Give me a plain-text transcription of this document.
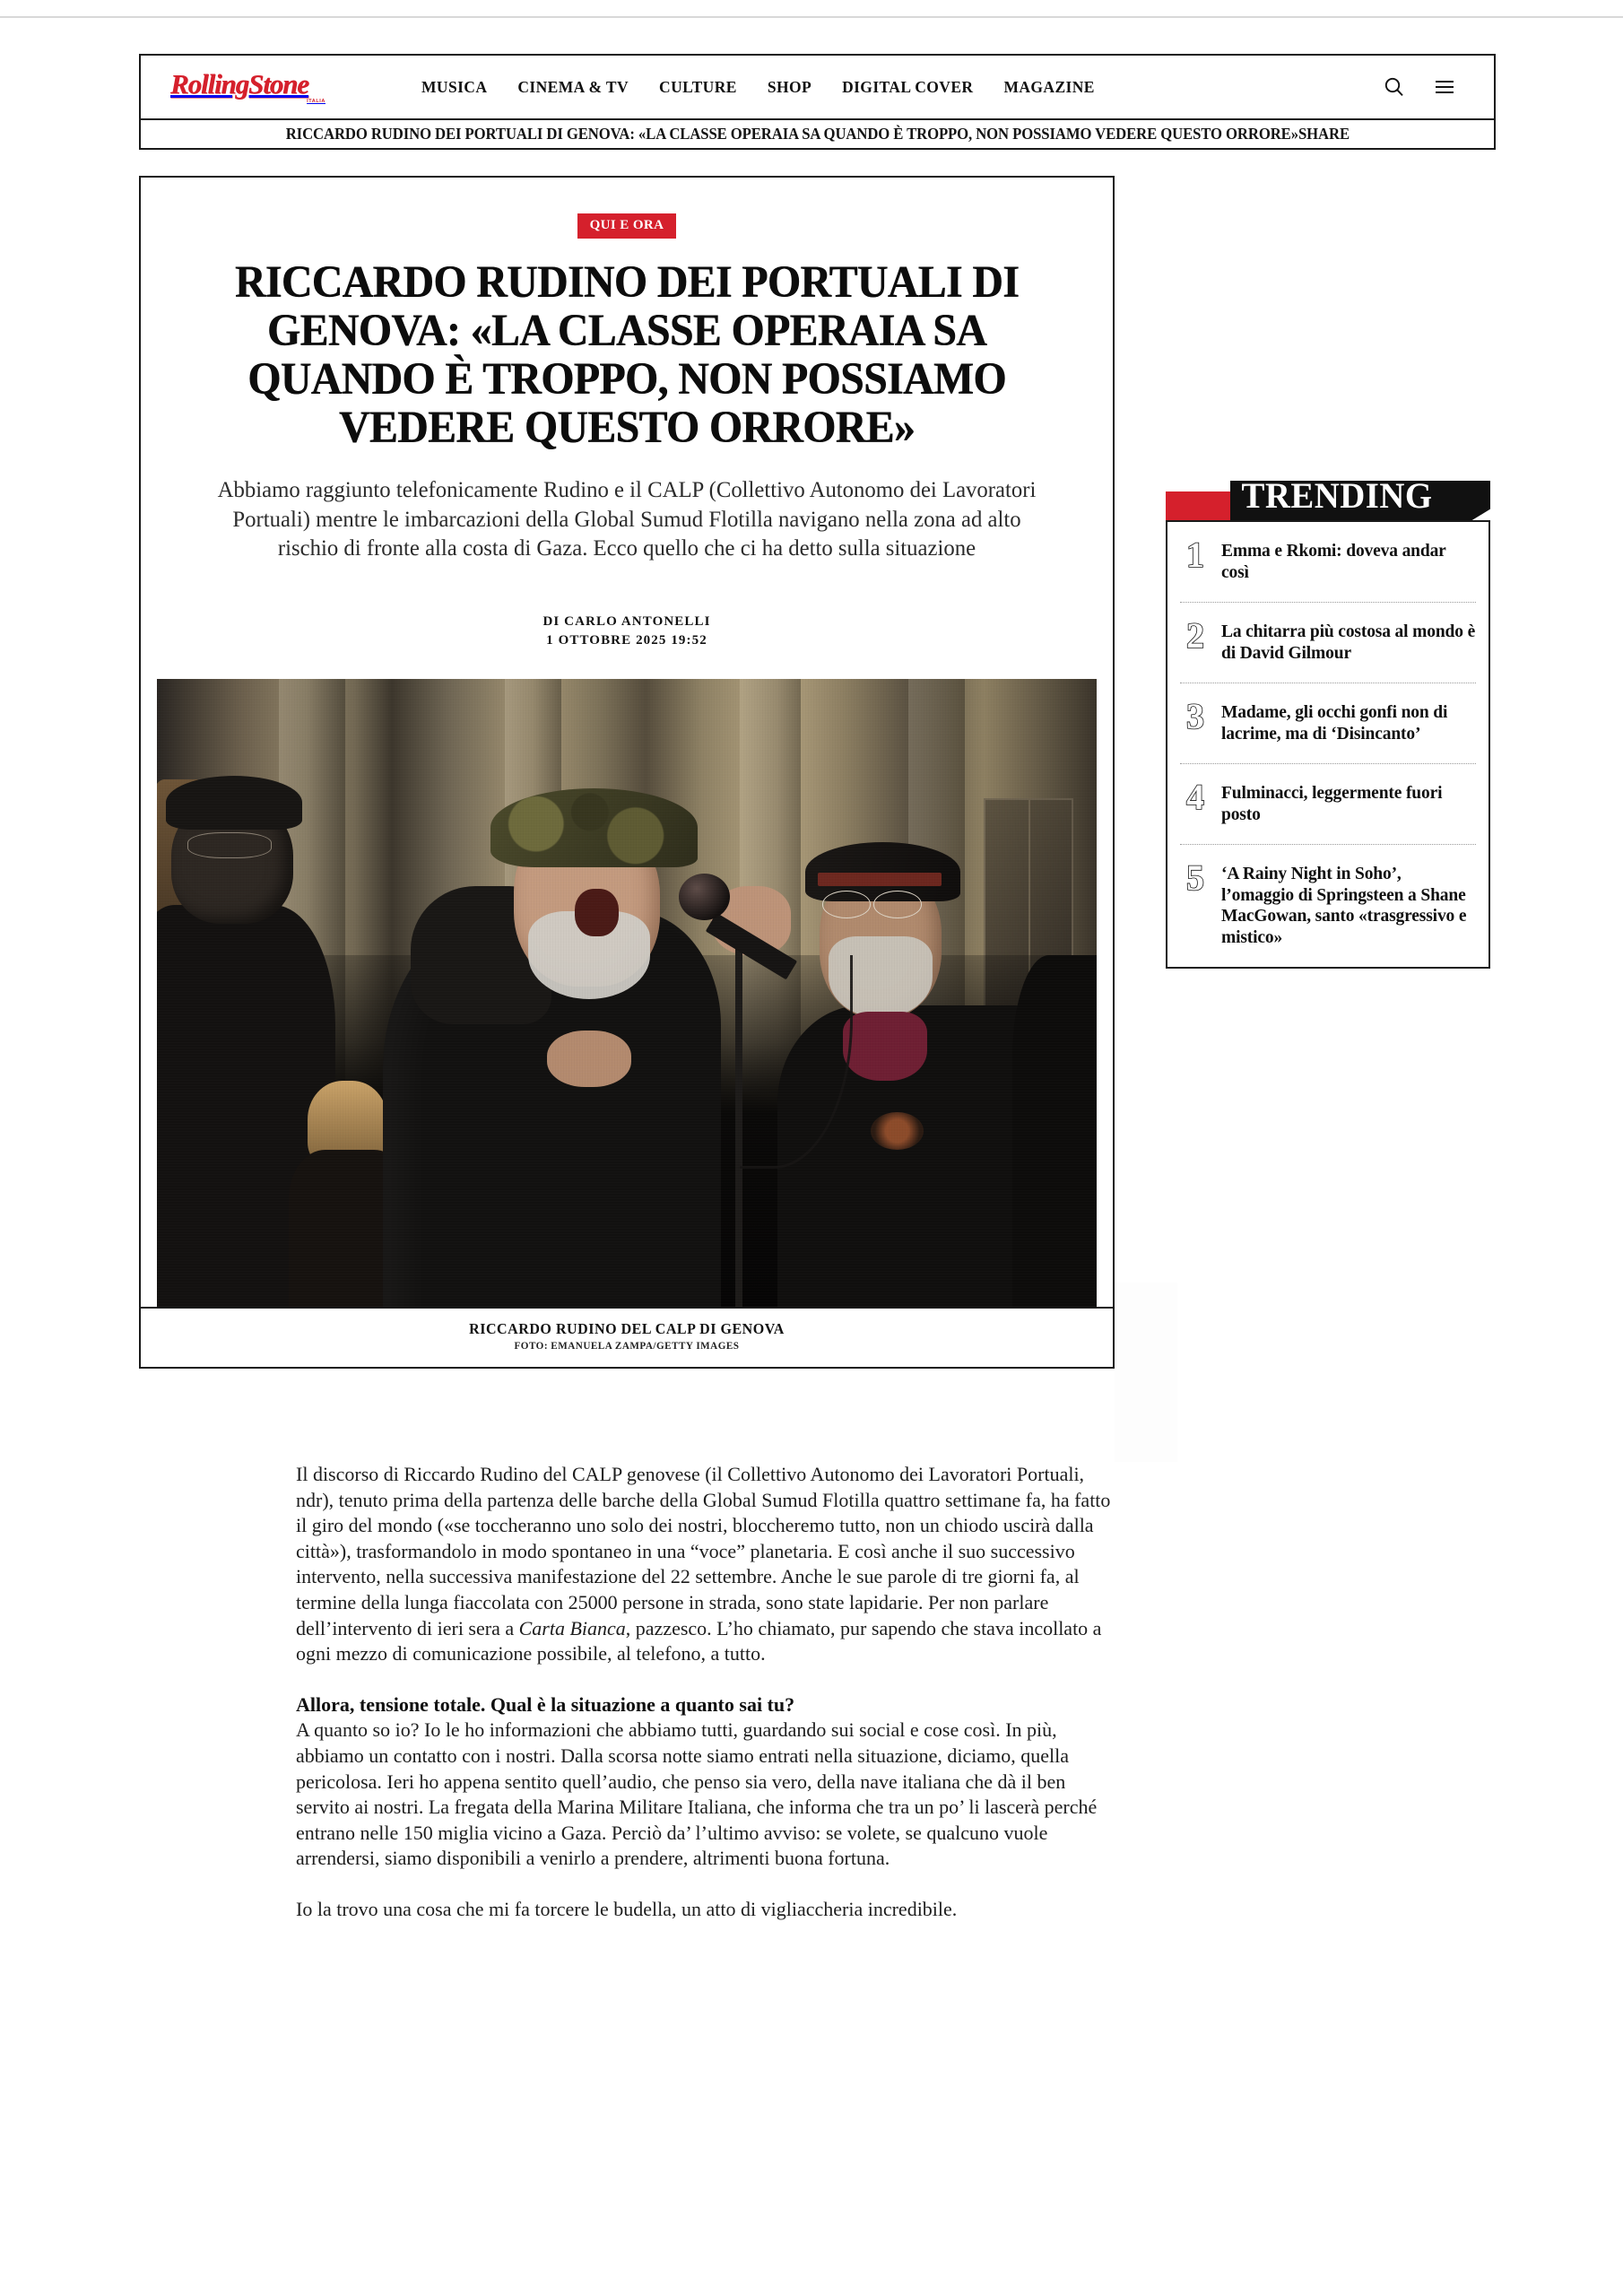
RollingStone
ITALIA
MUSICA	CINEMA & TV	CULTURE	SHOP	DIGITAL COVER	MAGAZINE
RICCARDO RUDINO DEI PORTUALI DI GENOVA: «LA CLASSE OPERAIA SA QUANDO È TROPPO, NON POSSIAMO VEDERE QUESTO ORRORE»SHARE
QUI E ORA
RICCARDO RUDINO DEI PORTUALI DI GENOVA: «LA CLASSE OPERAIA SA QUANDO È TROPPO, NON POSSIAMO VEDERE QUESTO ORRORE»

Abbiamo raggiunto telefonicamente Rudino e il CALP (Collettivo Autonomo dei Lavoratori Portuali) mentre le imbarcazioni della Global Sumud Flotilla navigano nella zona ad alto rischio di fronte alla costa di Gaza. Ecco quello che ci ha detto sulla situazione

DI CARLO ANTONELLI
1 OTTOBRE 2025 19:52
RICCARDO RUDINO DEL CALP DI GENOVA
FOTO: EMANUELA ZAMPA/GETTY IMAGES

Il discorso di Riccardo Rudino del CALP genovese (il Collettivo Autonomo dei Lavoratori Portuali, ndr), tenuto prima della partenza delle barche della Global Sumud Flotilla quattro settimane fa, ha fatto il giro del mondo («se toccheranno uno solo dei nostri, bloccheremo tutto, non un chiodo uscirà dalla città»), trasformandolo in modo spontaneo in una “voce” planetaria. E così anche il suo successivo intervento, nella successiva manifestazione del 22 settembre. Anche le sue parole di tre giorni fa, al termine della lunga fiaccolata con 25000 persone in strada, sono state lapidarie. Per non parlare dell’intervento di ieri sera a Carta Bianca, pazzesco. L’ho chiamato, pur sapendo che stava incollato a ogni mezzo di comunicazione possibile, al telefono, a tutto.

Allora, tensione totale. Qual è la situazione a quanto sai tu?
A quanto so io? Io le ho informazioni che abbiamo tutti, guardando sui social e cose così. In più, abbiamo un contatto con i nostri. Dalla scorsa notte siamo entrati nella situazione, diciamo, quella pericolosa. Ieri ho appena sentito quell’audio, che penso sia vero, della nave italiana che dà il ben servito ai nostri. La fregata della Marina Militare Italiana, che informa che tra un po’ li lascerà perché entrano nelle 150 miglia vicino a Gaza. Perciò da’ l’ultimo avviso: se volete, se qualcuno vuole arrendersi, siamo disponibili a venirlo a prendere, altrimenti buona fortuna.

Io la trovo una cosa che mi fa torcere le budella, un atto di vigliaccheria incredibile.

TRENDING
1 Emma e Rkomi: doveva andar così
2 La chitarra più costosa al mondo è di David Gilmour
3 Madame, gli occhi gonfi non di lacrime, ma di ‘Disincanto’
4 Fulminacci, leggermente fuori posto
5 ‘A Rainy Night in Soho’, l’omaggio di Springsteen a Shane MacGowan, santo «trasgressivo e mistico»
